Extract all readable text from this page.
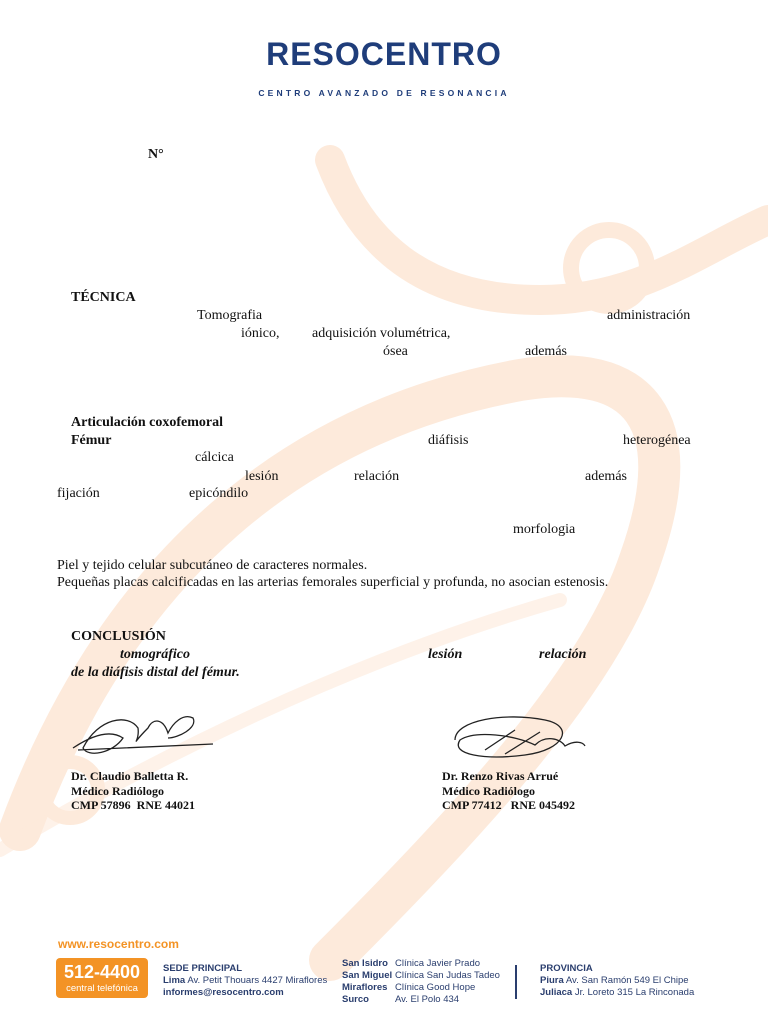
RESOCENTRO
CENTRO AVANZADO DE RESONANCIA
N°
TÉCNICA
Tomografia	administración
iónico, adquisición volumétrica,
ósea	además
Articulación coxofemoral
Fémur	diáfisis	heterogénea
cálcica
lesión	relación	además
fijación	epicóndilo
morfologia
Piel y tejido celular subcutáneo de caracteres normales.
Pequeñas placas calcificadas en las arterias femorales superficial y profunda, no asocian estenosis.
CONCLUSIÓN
tomográfico	lesión	relación
de la diáfisis distal del fémur.
Dr. Claudio Balletta R.
Médico Radiólogo
CMP 57896  RNE 44021
Dr. Renzo Rivas Arrué
Médico Radiólogo
CMP 77412   RNE 045492
www.resocentro.com
512-4400
central telefónica
SEDE PRINCIPAL
Lima Av. Petit Thouars 4427 Miraflores
informes@resocentro.com
San Isidro Clínica Javier Prado
San Miguel Clínica San Judas Tadeo
Miraflores Clínica Good Hope
Surco	Av. El Polo 434
PROVINCIA
Piura Av. San Ramón 549 El Chipe
Juliaca Jr. Loreto 315 La Rinconada
